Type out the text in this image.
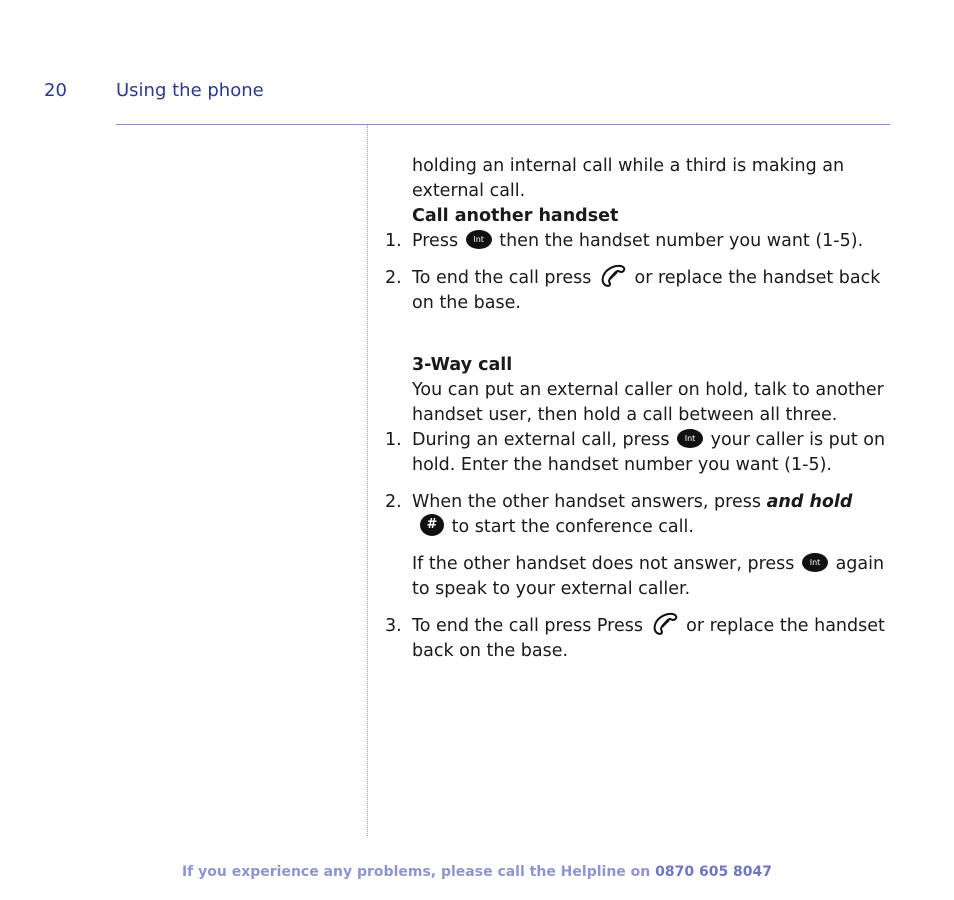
20	Using the phone

holding an internal call while a third is making an external call.

Call another handset

1. Press Int then the handset number you want (1-5).
2. To end the call press or replace the handset back on the base.

3-Way call

You can put an external caller on hold, talk to another handset user, then hold a call between all three.

1. During an external call, press Int your caller is put on hold. Enter the handset number you want (1-5).
2. When the other handset answers, press and hold # to start the conference call.
If the other handset does not answer, press Int again to speak to your external caller.
3. To end the call press Press or replace the handset back on the base.
If you experience any problems, please call the Helpline on 0870 605 8047
